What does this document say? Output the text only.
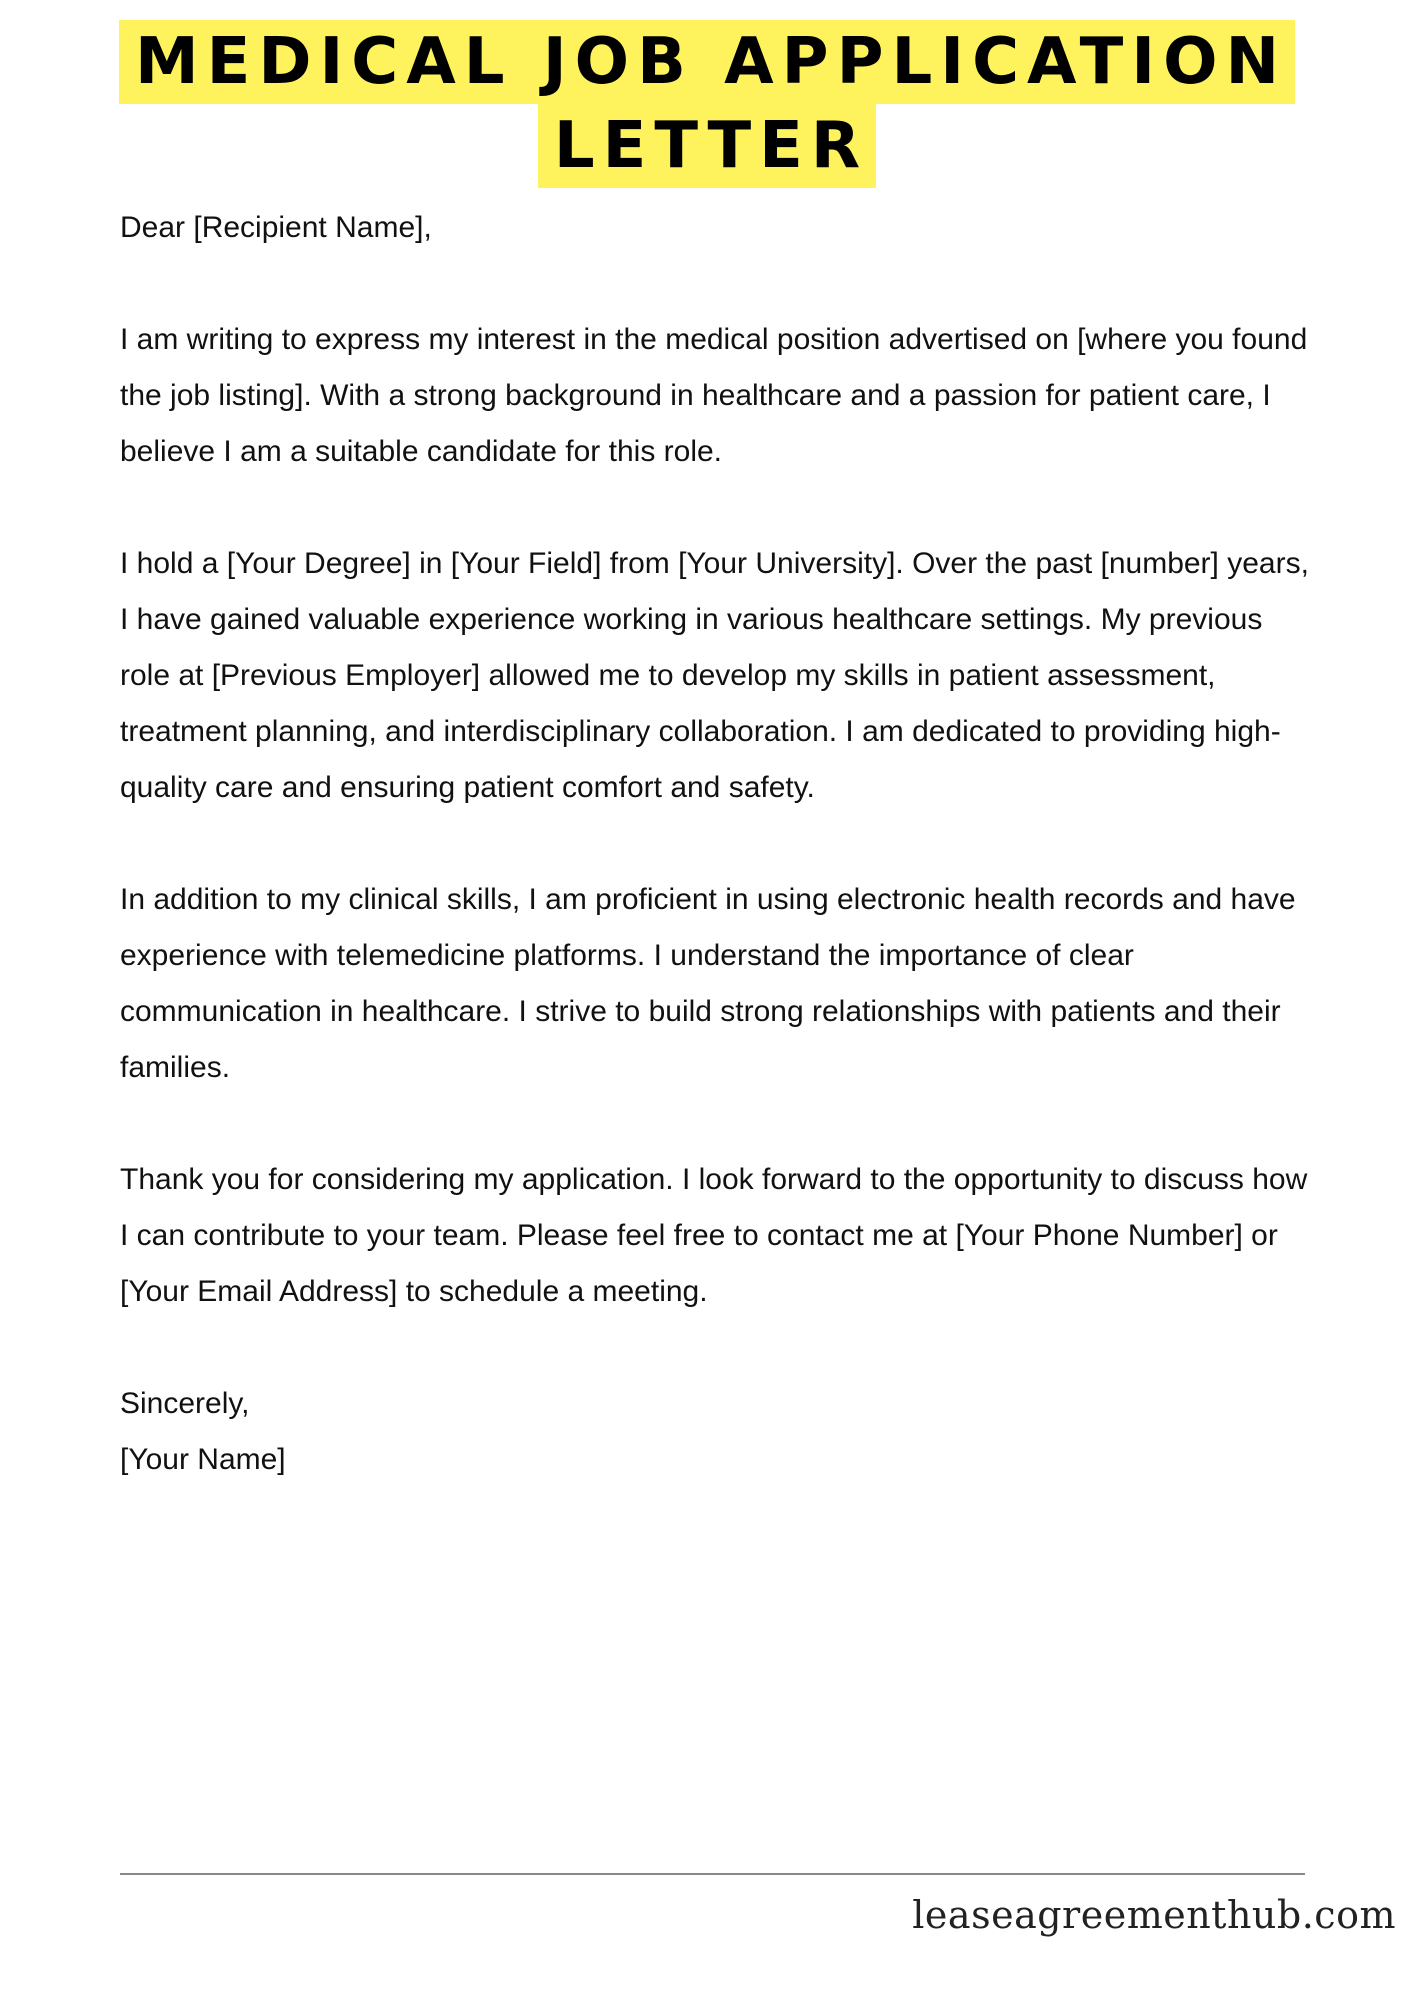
MEDICAL JOB APPLICATION
LETTER

Dear [Recipient Name],

I am writing to express my interest in the medical position advertised on [where you found the job listing]. With a strong background in healthcare and a passion for patient care, I believe I am a suitable candidate for this role.

I hold a [Your Degree] in [Your Field] from [Your University]. Over the past [number] years, I have gained valuable experience working in various healthcare settings. My previous role at [Previous Employer] allowed me to develop my skills in patient assessment, treatment planning, and interdisciplinary collaboration. I am dedicated to providing high-quality care and ensuring patient comfort and safety.

In addition to my clinical skills, I am proficient in using electronic health records and have experience with telemedicine platforms. I understand the importance of clear communication in healthcare. I strive to build strong relationships with patients and their families.

Thank you for considering my application. I look forward to the opportunity to discuss how I can contribute to your team. Please feel free to contact me at [Your Phone Number] or [Your Email Address] to schedule a meeting.

Sincerely,

[Your Name]

leaseagreementhub.com
